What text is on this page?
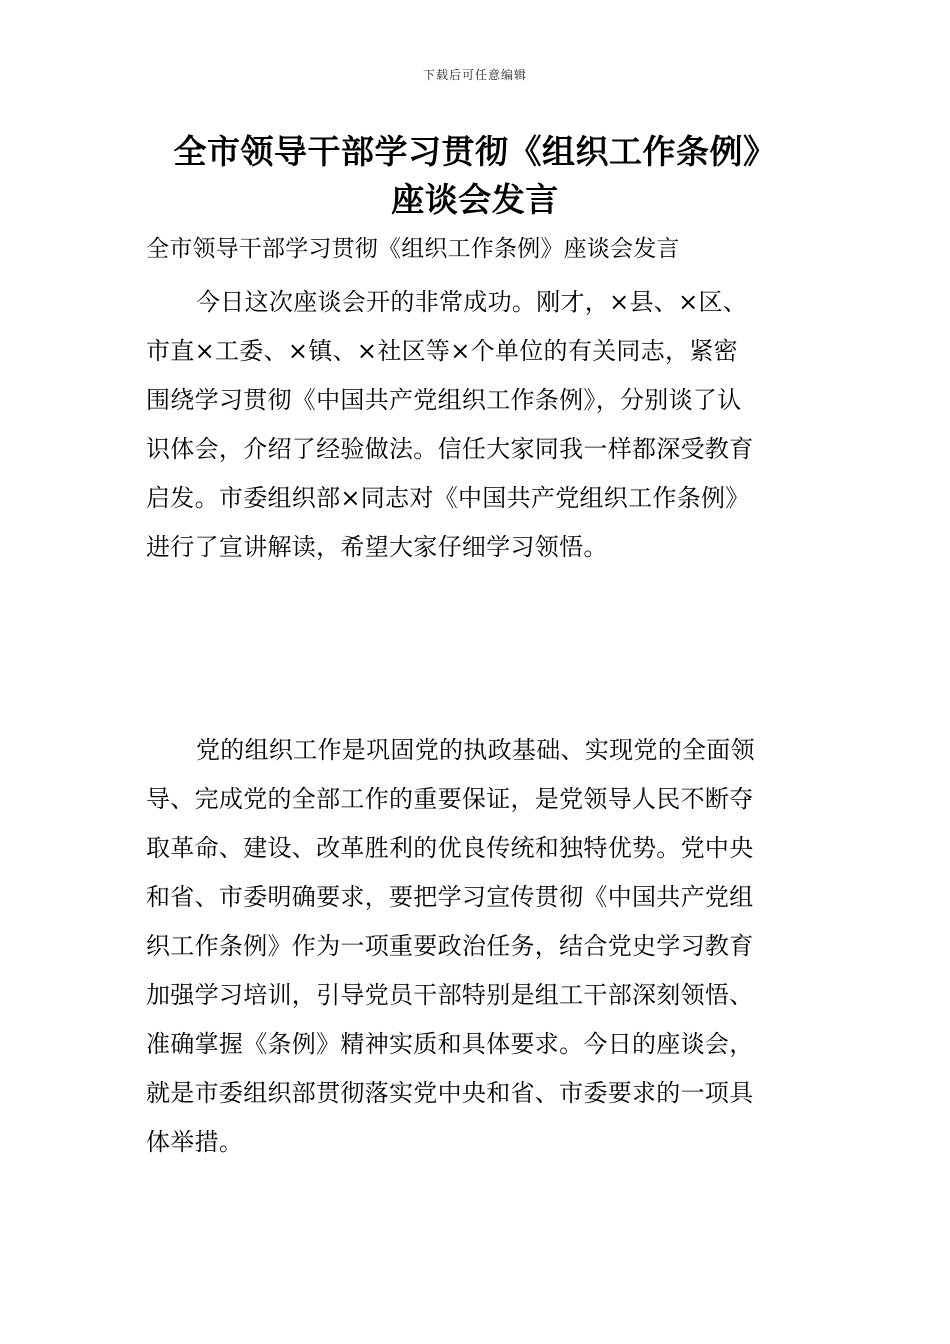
下载后可任意编辑
全市领导干部学习贯彻《组织工作条例》
座谈会发言
全市领导干部学习贯彻《组织工作条例》座谈会发言
今日这次座谈会开的非常成功。刚才，×县、×区、
市直×工委、×镇、×社区等×个单位的有关同志，紧密
围绕学习贯彻《中国共产党组织工作条例》，分别谈了认
识体会，介绍了经验做法。信任大家同我一样都深受教育
启发。市委组织部×同志对《中国共产党组织工作条例》
进行了宣讲解读，希望大家仔细学习领悟。
党的组织工作是巩固党的执政基础、实现党的全面领
导、完成党的全部工作的重要保证，是党领导人民不断夺
取革命、建设、改革胜利的优良传统和独特优势。党中央
和省、市委明确要求，要把学习宣传贯彻《中国共产党组
织工作条例》作为一项重要政治任务，结合党史学习教育
加强学习培训，引导党员干部特别是组工干部深刻领悟、
准确掌握《条例》精神实质和具体要求。今日的座谈会，
就是市委组织部贯彻落实党中央和省、市委要求的一项具
体举措。
